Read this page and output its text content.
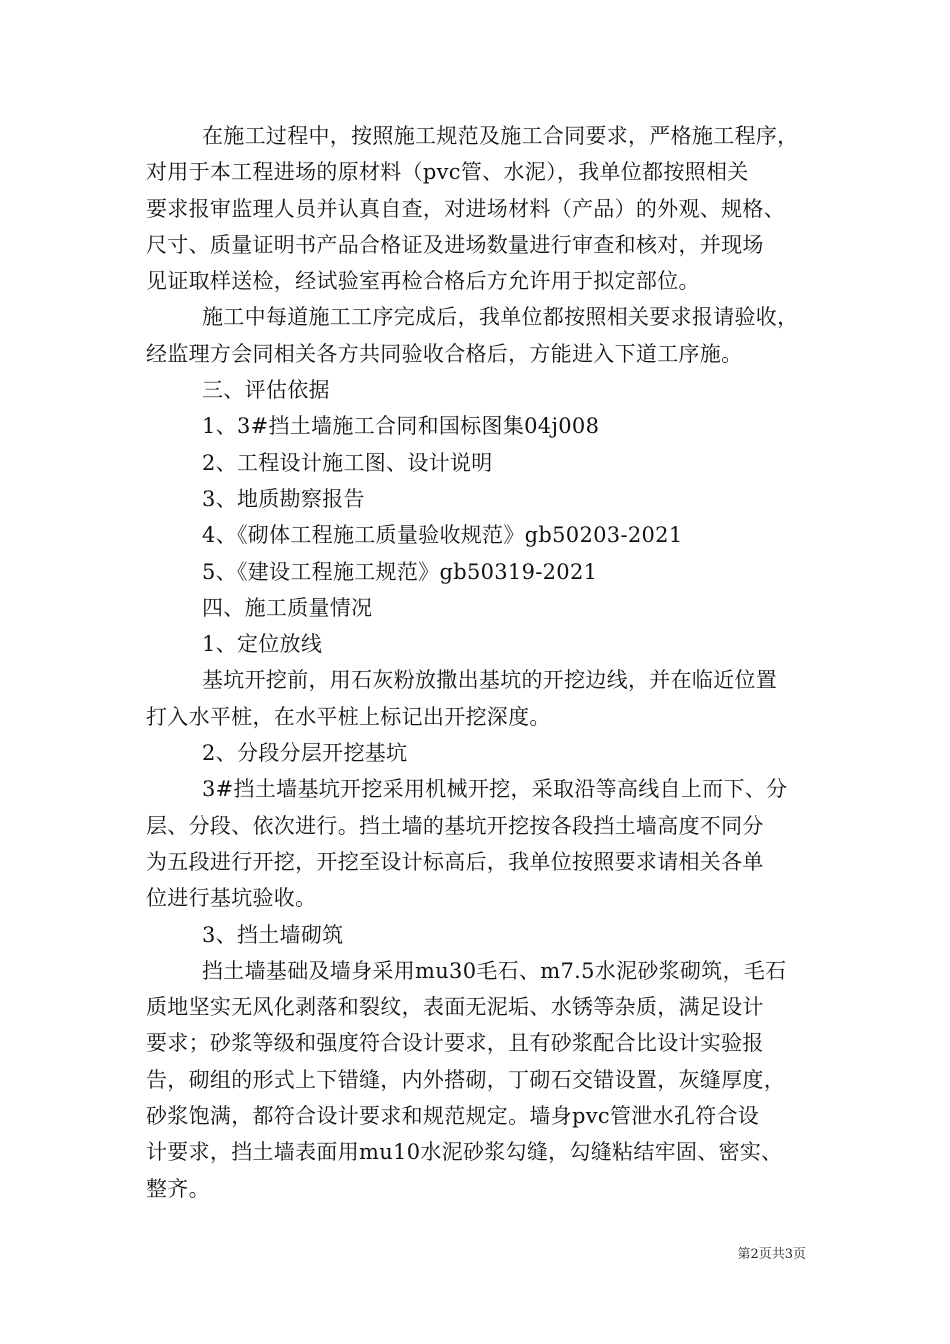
在施工过程中，按照施工规范及施工合同要求，严格施工程序，
对用于本工程进场的原材料（pvc管、水泥），我单位都按照相关
要求报审监理人员并认真自查，对进场材料（产品）的外观、规格、
尺寸、质量证明书产品合格证及进场数量进行审查和核对，并现场
见证取样送检，经试验室再检合格后方允许用于拟定部位。
施工中每道施工工序完成后，我单位都按照相关要求报请验收，
经监理方会同相关各方共同验收合格后，方能进入下道工序施。
三、评估依据
1、3#挡土墙施工合同和国标图集04j008
2、工程设计施工图、设计说明
3、地质勘察报告
4、《砌体工程施工质量验收规范》gb50203-2021
5、《建设工程施工规范》gb50319-2021
四、施工质量情况
1、定位放线
基坑开挖前，用石灰粉放撒出基坑的开挖边线，并在临近位置
打入水平桩，在水平桩上标记出开挖深度。
2、分段分层开挖基坑
3#挡土墙基坑开挖采用机械开挖，采取沿等高线自上而下、分
层、分段、依次进行。挡土墙的基坑开挖按各段挡土墙高度不同分
为五段进行开挖，开挖至设计标高后，我单位按照要求请相关各单
位进行基坑验收。
3、挡土墙砌筑
挡土墙基础及墙身采用mu30毛石、m7.5水泥砂浆砌筑，毛石
质地坚实无风化剥落和裂纹，表面无泥垢、水锈等杂质，满足设计
要求；砂浆等级和强度符合设计要求，且有砂浆配合比设计实验报
告，砌组的形式上下错缝，内外搭砌，丁砌石交错设置，灰缝厚度，
砂浆饱满，都符合设计要求和规范规定。墙身pvc管泄水孔符合设
计要求，挡土墙表面用mu10水泥砂浆勾缝，勾缝粘结牢固、密实、
整齐。
第2页共3页
